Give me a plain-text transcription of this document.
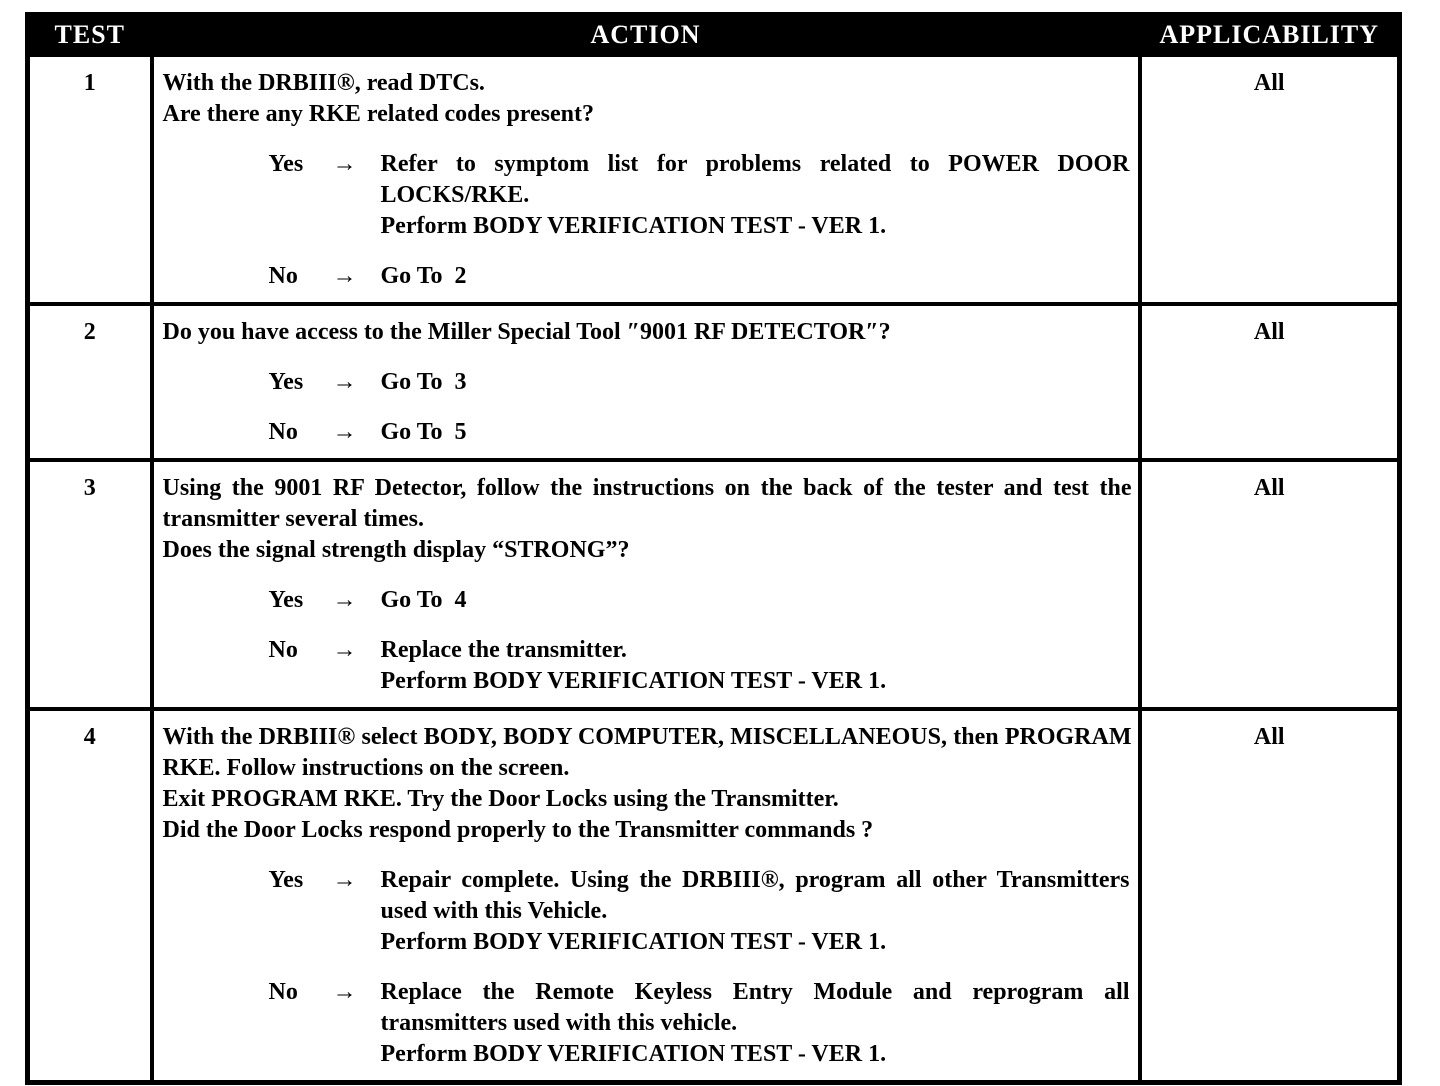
TEST	ACTION	APPLICABILITY
1	With the DRBIII®, read DTCs.
Are there any RKE related codes present?
Yes	→	Refer to symptom list for problems related to POWER DOOR LOCKS/RKE.
Perform BODY VERIFICATION TEST - VER 1.
No	→	Go To  2
	All
2	Do you have access to the Miller Special Tool ″9001 RF DETECTOR″?
Yes	→	Go To  3
No	→	Go To  5
	All
3	Using the 9001 RF Detector, follow the instructions on the back of the tester and test the transmitter several times.
Does the signal strength display “STRONG”?
Yes	→	Go To  4
No	→	Replace the transmitter.
Perform BODY VERIFICATION TEST - VER 1.
	All
4	With the DRBIII® select BODY, BODY COMPUTER, MISCELLANEOUS, then PROGRAM RKE. Follow instructions on the screen.
Exit PROGRAM RKE. Try the Door Locks using the Transmitter.
Did the Door Locks respond properly to the Transmitter commands ?
Yes	→	Repair complete. Using the DRBIII®, program all other Transmitters used with this Vehicle.
Perform BODY VERIFICATION TEST - VER 1.
No	→	Replace the Remote Keyless Entry Module and reprogram all transmitters used with this vehicle.
Perform BODY VERIFICATION TEST - VER 1.
	All
